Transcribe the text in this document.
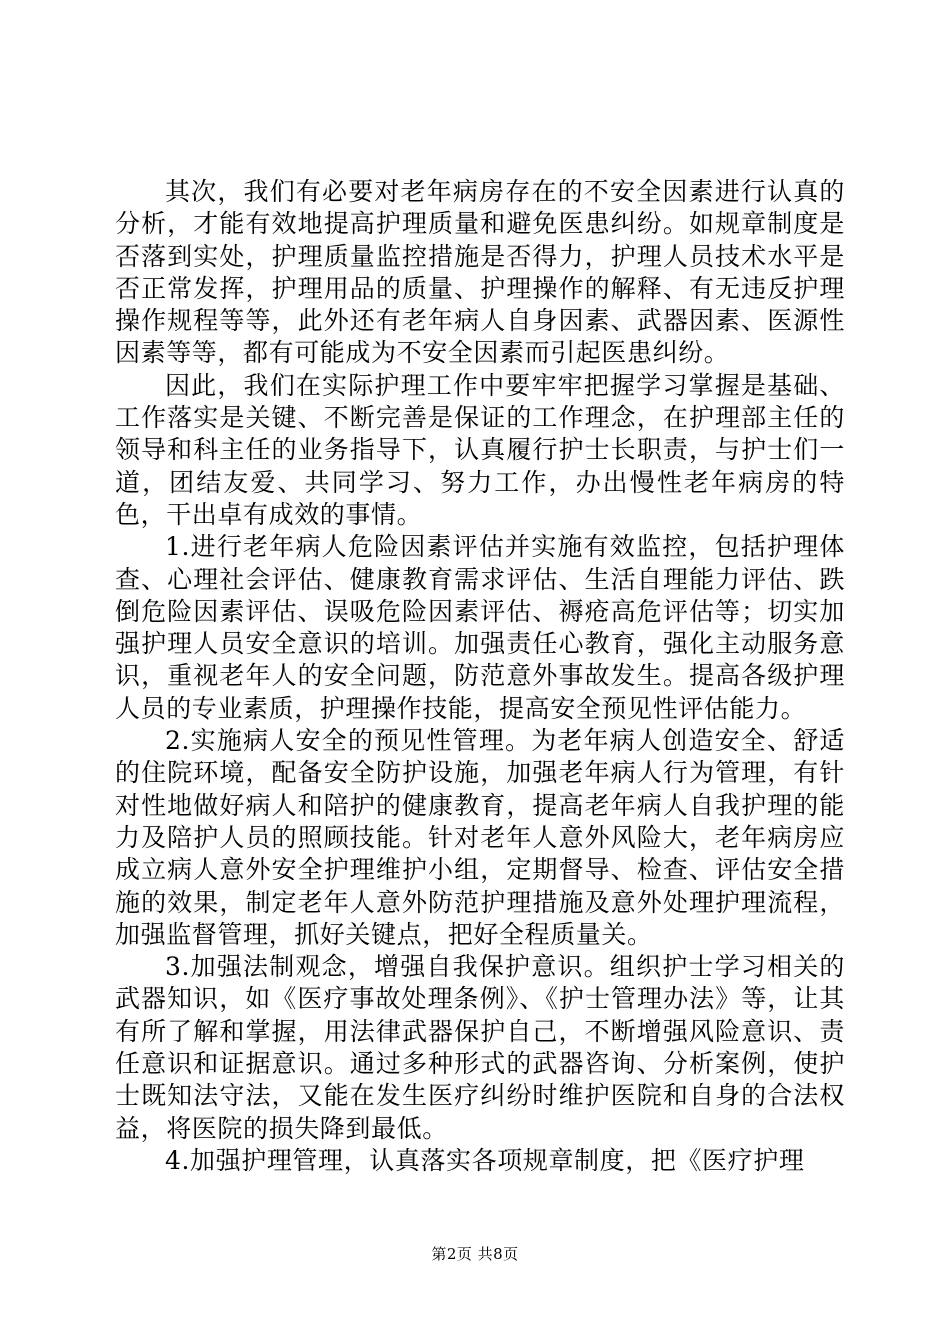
其次，我们有必要对老年病房存在的不安全因素进行认真的分析，才能有效地提高护理质量和避免医患纠纷。如规章制度是否落到实处，护理质量监控措施是否得力，护理人员技术水平是否正常发挥，护理用品的质量、护理操作的解释、有无违反护理操作规程等等，此外还有老年病人自身因素、武器因素、医源性因素等等，都有可能成为不安全因素而引起医患纠纷。

因此，我们在实际护理工作中要牢牢把握学习掌握是基础、工作落实是关键、不断完善是保证的工作理念，在护理部主任的领导和科主任的业务指导下，认真履行护士长职责，与护士们一道，团结友爱、共同学习、努力工作，办出慢性老年病房的特色，干出卓有成效的事情。

1.进行老年病人危险因素评估并实施有效监控，包括护理体查、心理社会评估、健康教育需求评估、生活自理能力评估、跌倒危险因素评估、误吸危险因素评估、褥疮高危评估等；切实加强护理人员安全意识的培训。加强责任心教育，强化主动服务意识，重视老年人的安全问题，防范意外事故发生。提高各级护理人员的专业素质，护理操作技能，提高安全预见性评估能力。

2.实施病人安全的预见性管理。为老年病人创造安全、舒适的住院环境，配备安全防护设施，加强老年病人行为管理，有针对性地做好病人和陪护的健康教育，提高老年病人自我护理的能力及陪护人员的照顾技能。针对老年人意外风险大，老年病房应成立病人意外安全护理维护小组，定期督导、检查、评估安全措施的效果，制定老年人意外防范护理措施及意外处理护理流程，加强监督管理，抓好关键点，把好全程质量关。

3.加强法制观念，增强自我保护意识。组织护士学习相关的武器知识，如《医疗事故处理条例》、《护士管理办法》等，让其有所了解和掌握，用法律武器保护自己，不断增强风险意识、责任意识和证据意识。通过多种形式的武器咨询、分析案例，使护士既知法守法，又能在发生医疗纠纷时维护医院和自身的合法权益，将医院的损失降到最低。

4.加强护理管理，认真落实各项规章制度，把《医疗护理

第2页 共8页
